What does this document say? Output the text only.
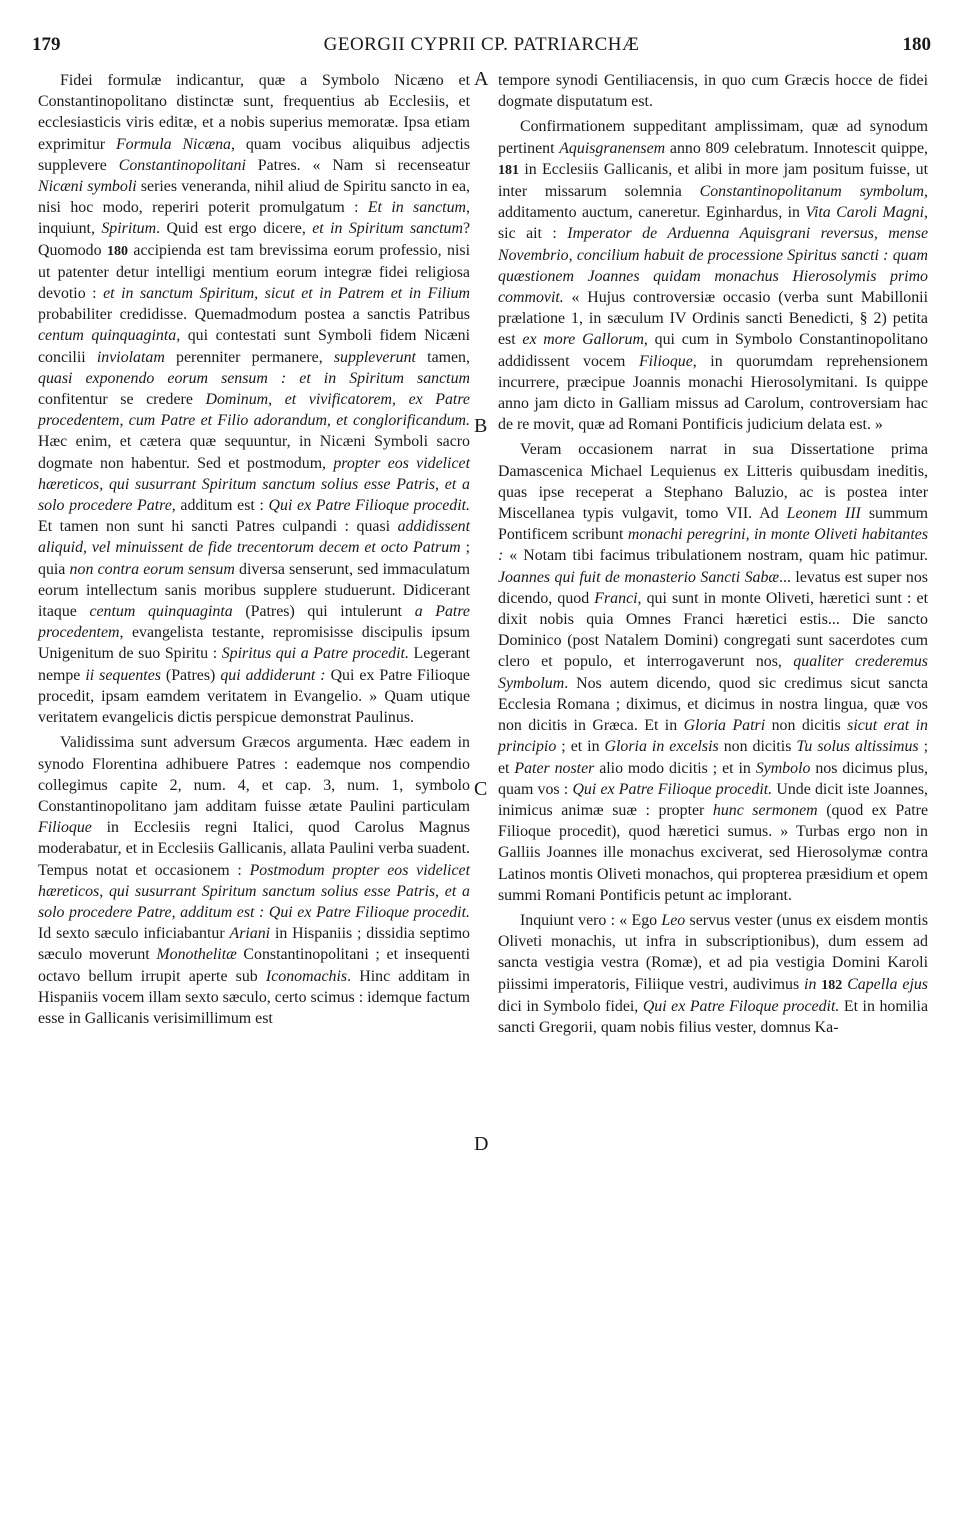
179	GEORGII CYPRII CP. PATRIARCHÆ	180

Fidei formulæ indicantur, quæ a Symbolo Nicæno et Constantinopolitano distinctæ sunt, frequentius ab Ecclesiis, et ecclesiasticis viris editæ, et a nobis superius memoratæ. Ipsa etiam exprimitur Formula Nicæna, quam vocibus aliquibus adjectis supplevere Constantinopolitani Patres. « Nam si recenseatur Nicæni symboli series veneranda, nihil aliud de Spiritu sancto in ea, nisi hoc modo, reperiri poterit promulgatum : Et in sanctum, inquiunt, Spiritum. Quid est ergo dicere, et in Spiritum sanctum? Quomodo 180 accipienda est tam brevissima eorum professio, nisi ut patenter detur intelligi mentium eorum integræ fidei religiosa devotio : et in sanctum Spiritum, sicut et in Patrem et in Filium probabiliter credidisse. Quemadmodum postea a sanctis Patribus centum quinquaginta, qui contestati sunt Symboli fidem Nicæni concilii inviolatam perenniter permanere, suppleverunt tamen, quasi exponendo eorum sensum : et in Spiritum sanctum confitentur se credere Dominum, et vivificatorem, ex Patre procedentem, cum Patre et Filio adorandum, et conglorificandum. Hæc enim, et cætera quæ sequuntur, in Nicæni Symboli sacro dogmate non habentur. Sed et postmodum, propter eos videlicet hæreticos, qui susurrant Spiritum sanctum solius esse Patris, et a solo procedere Patre, additum est : Qui ex Patre Filioque procedit. Et tamen non sunt hi sancti Patres culpandi : quasi addidissent aliquid, vel minuissent de fide trecentorum decem et octo Patrum ; quia non contra eorum sensum diversa senserunt, sed immaculatum eorum intellectum sanis moribus supplere studuerunt. Didicerant itaque centum quinquaginta (Patres) qui intulerunt a Patre procedentem, evangelista testante, repromisisse discipulis ipsum Unigenitum de suo Spiritu : Spiritus qui a Patre procedit. Legerant nempe ii sequentes (Patres) qui addiderunt : Qui ex Patre Filioque procedit, ipsam eamdem veritatem in Evangelio. » Quam utique veritatem evangelicis dictis perspicue demonstrat Paulinus.

Validissima sunt adversum Græcos argumenta. Hæc eadem in synodo Florentina adhibuere Patres : eademque nos compendio collegimus capite 2, num. 4, et cap. 3, num. 1, symbolo Constantinopolitano jam additam fuisse ætate Paulini particulam Filioque in Ecclesiis regni Italici, quod Carolus Magnus moderabatur, et in Ecclesiis Gallicanis, allata Paulini verba suadent. Tempus notat et occasionem : Postmodum propter eos videlicet hæreticos, qui susurrant Spiritum sanctum solius esse Patris, et a solo procedere Patre, additum est : Qui ex Patre Filioque procedit. Id sexto sæculo inficiabantur Ariani in Hispaniis ; dissidia septimo sæculo moverunt Monothelitæ Constantinopolitani ; et insequenti octavo bellum irrupit aperte sub Iconomachis. Hinc additam in Hispaniis vocem illam sexto sæculo, certo scimus : idemque factum esse in Gallicanis verisimillimum est

A
B
C
D

tempore synodi Gentiliacensis, in quo cum Græcis hocce de fidei dogmate disputatum est.

Confirmationem suppeditant amplissimam, quæ ad synodum pertinent Aquisgranensem anno 809 celebratum. Innotescit quippe, 181 in Ecclesiis Gallicanis, et alibi in more jam positum fuisse, ut inter missarum solemnia Constantinopolitanum symbolum, additamento auctum, caneretur. Eginhardus, in Vita Caroli Magni, sic ait : Imperator de Arduenna Aquisgrani reversus, mense Novembrio, concilium habuit de processione Spiritus sancti : quam quæstionem Joannes quidam monachus Hierosolymis primo commovit. « Hujus controversiæ occasio (verba sunt Mabillonii prælatione 1, in sæculum IV Ordinis sancti Benedicti, § 2) petita est ex more Gallorum, qui cum in Symbolo Constantinopolitano addidissent vocem Filioque, in quorumdam reprehensionem incurrere, præcipue Joannis monachi Hierosolymitani. Is quippe anno jam dicto in Galliam missus ad Carolum, controversiam hac de re movit, quæ ad Romani Pontificis judicium delata est. »

Veram occasionem narrat in sua Dissertatione prima Damascenica Michael Lequienus ex Litteris quibusdam ineditis, quas ipse receperat a Stephano Baluzio, ac is postea inter Miscellanea typis vulgavit, tomo VII. Ad Leonem III summum Pontificem scribunt monachi peregrini, in monte Oliveti habitantes : « Notam tibi facimus tribulationem nostram, quam hic patimur. Joannes qui fuit de monasterio Sancti Sabæ... levatus est super nos dicendo, quod Franci, qui sunt in monte Oliveti, hæretici sunt : et dixit nobis quia Omnes Franci hæretici estis... Die sancto Dominico (post Natalem Domini) congregati sunt sacerdotes cum clero et populo, et interrogaverunt nos, qualiter crederemus Symbolum. Nos autem dicendo, quod sic credimus sicut sancta Ecclesia Romana ; diximus, et dicimus in nostra lingua, quæ vos non dicitis in Græca. Et in Gloria Patri non dicitis sicut erat in principio ; et in Gloria in excelsis non dicitis Tu solus altissimus ; et Pater noster alio modo dicitis ; et in Symbolo nos dicimus plus, quam vos : Qui ex Patre Filioque procedit. Unde dicit iste Joannes, inimicus animæ suæ : propter hunc sermonem (quod ex Patre Filioque procedit), quod hæretici sumus. » Turbas ergo non in Galliis Joannes ille monachus exciverat, sed Hierosolymæ contra Latinos montis Oliveti monachos, qui propterea præsidium et opem summi Romani Pontificis petunt ac implorant.

Inquiunt vero : « Ego Leo servus vester (unus ex eisdem montis Oliveti monachis, ut infra in subscriptionibus), dum essem ad sancta vestigia vestra (Romæ), et ad pia vestigia Domini Karoli piissimi imperatoris, Filiique vestri, audivimus in 182 Capella ejus dici in Symbolo fidei, Qui ex Patre Filoque procedit. Et in homilia sancti Gregorii, quam nobis filius vester, domnus Ka-
